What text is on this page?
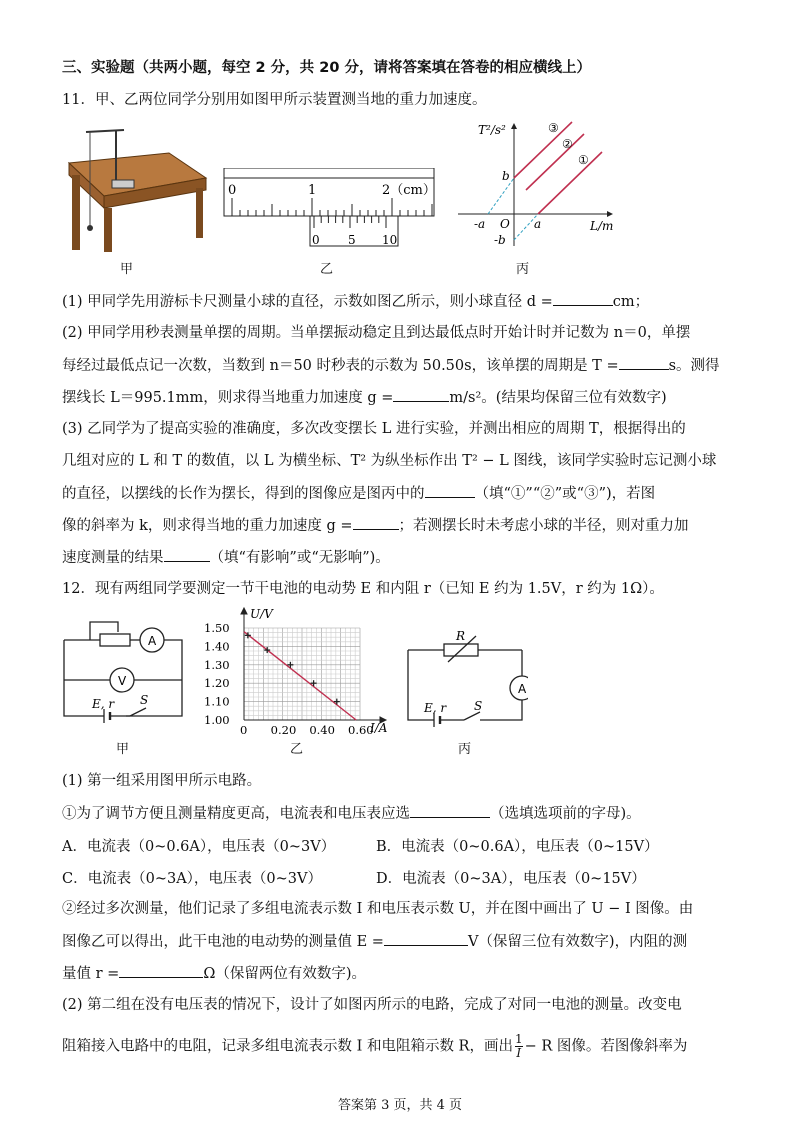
三、实验题（共两小题，每空 2 分，共 20 分，请将答案填在答卷的相应横线上）
11．甲、乙两位同学分别用如图甲所示装置测当地的重力加速度。
甲
0	1	2（cm）
0 5 10
乙
T²/s²
L/m
③
②
①
b
-a O a
-b
丙
(1) 甲同学先用游标卡尺测量小球的直径，示数如图乙所示，则小球直径 d =	cm；
(2) 甲同学用秒表测量单摆的周期。当单摆振动稳定且到达最低点时开始计时并记数为 n＝0，单摆
每经过最低点记一次数，当数到 n＝50 时秒表的示数为 50.50s，该单摆的周期是 T =	s。测得
摆线长 L＝995.1mm，则求得当地重力加速度 g =	m/s²。(结果均保留三位有效数字)
(3) 乙同学为了提高实验的准确度，多次改变摆长 L 进行实验，并测出相应的周期 T，根据得出的
几组对应的 L 和 T 的数值，以 L 为横坐标、T² 为纵坐标作出 T² − L 图线，该同学实验时忘记测小球
的直径，以摆线的长作为摆长，得到的图像应是图丙中的	（填“①”“②”或“③”)，若图
像的斜率为 k，则求得当地的重力加速度 g =	；若测摆长时未考虑小球的半径，则对重力加
速度测量的结果	（填“有影响”或“无影响”)。
12．现有两组同学要测定一节干电池的电动势 E 和内阻 r（已知 E 约为 1.5V，r 约为 1Ω）。
A
V
E, r S
甲
1.00
1.10
1.20
1.30
1.40
1.50
0 0.20 0.40 0.60
U/V
I/A
乙
R
A
E, r S
丙
(1) 第一组采用图甲所示电路。
①为了调节方便且测量精度更高，电流表和电压表应选	（选填选项前的字母)。
A．电流表（0~0.6A），电压表（0~3V）	B．电流表（0~0.6A），电压表（0~15V）
C．电流表（0~3A），电压表（0~3V）	D．电流表（0~3A），电压表（0~15V）
②经过多次测量，他们记录了多组电流表示数 I 和电压表示数 U，并在图中画出了 U − I 图像。由
图像乙可以得出，此干电池的电动势的测量值 E =	V（保留三位有效数字)，内阻的测
量值 r =	Ω（保留两位有效数字)。
(2) 第二组在没有电压表的情况下，设计了如图丙所示的电路，完成了对同一电池的测量。改变电
阻箱接入电路中的电阻，记录多组电流表示数 I 和电阻箱示数 R，画出 $\frac{1}{I} - R$ 图像。若图像斜率为
答案第 3 页，共 4 页
